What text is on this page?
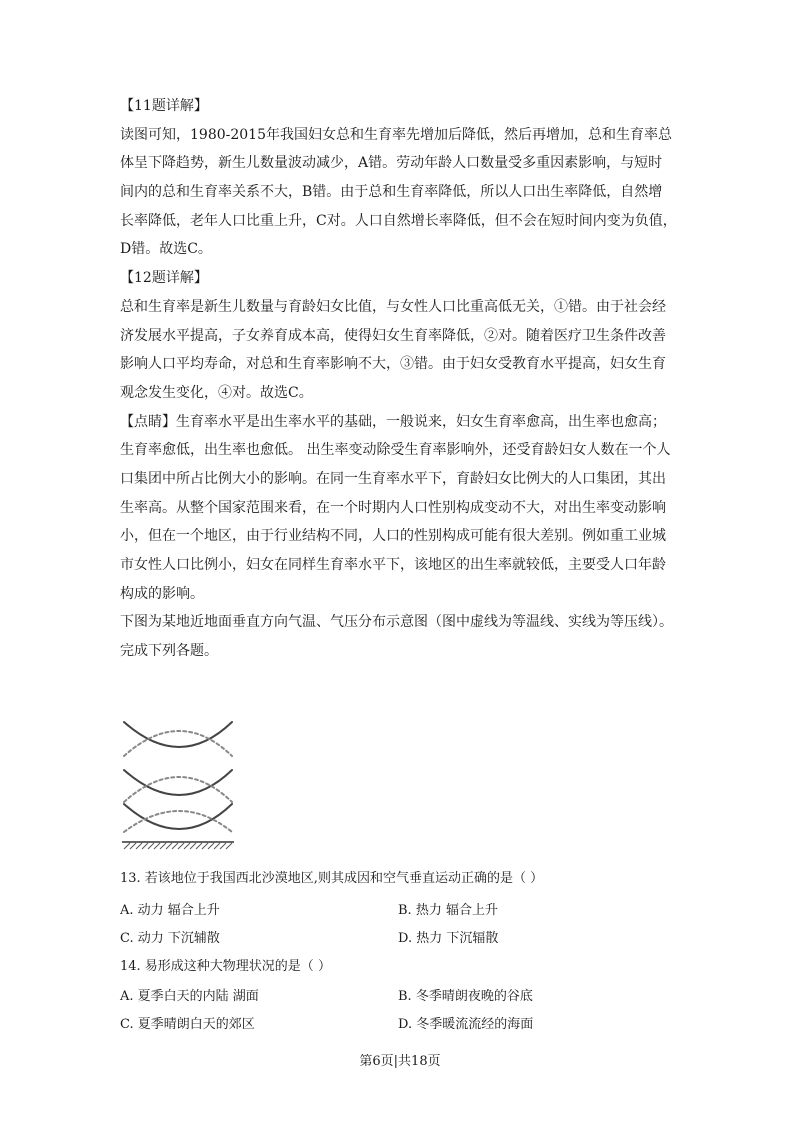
【11题详解】
读图可知，1980-2015年我国妇女总和生育率先增加后降低，然后再增加，总和生育率总
体呈下降趋势，新生儿数量波动减少，A错。劳动年龄人口数量受多重因素影响，与短时
间内的总和生育率关系不大，B错。由于总和生育率降低，所以人口出生率降低，自然增
长率降低，老年人口比重上升，C对。人口自然增长率降低，但不会在短时间内变为负值，
D错。故选C。
【12题详解】
总和生育率是新生儿数量与育龄妇女比值，与女性人口比重高低无关，①错。由于社会经
济发展水平提高，子女养育成本高，使得妇女生育率降低，②对。随着医疗卫生条件改善
影响人口平均寿命，对总和生育率影响不大，③错。由于妇女受教育水平提高，妇女生育
观念发生变化，④对。故选C。
【点睛】生育率水平是出生率水平的基础，一般说来，妇女生育率愈高，出生率也愈高；
生育率愈低，出生率也愈低。 出生率变动除受生育率影响外，还受育龄妇女人数在一个人
口集团中所占比例大小的影响。在同一生育率水平下，育龄妇女比例大的人口集团，其出
生率高。从整个国家范围来看，在一个时期内人口性别构成变动不大，对出生率变动影响
小，但在一个地区，由于行业结构不同，人口的性别构成可能有很大差别。例如重工业城
市女性人口比例小，妇女在同样生育率水平下，该地区的出生率就较低，主要受人口年龄
构成的影响。
下图为某地近地面垂直方向气温、气压分布示意图（图中虚线为等温线、实线为等压线）。
完成下列各题。
13. 若该地位于我国西北沙漠地区,则其成因和空气垂直运动正确的是（ ）
A. 动力 辐合上升	B. 热力 辐合上升
C. 动力 下沉辅散	D. 热力 下沉辐散
14. 易形成这种大物理状况的是（ ）
A. 夏季白天的内陆 湖面	B. 冬季晴朗夜晚的谷底
C. 夏季晴朗白天的郊区	D. 冬季暖流流经的海面
第6页|共18页
